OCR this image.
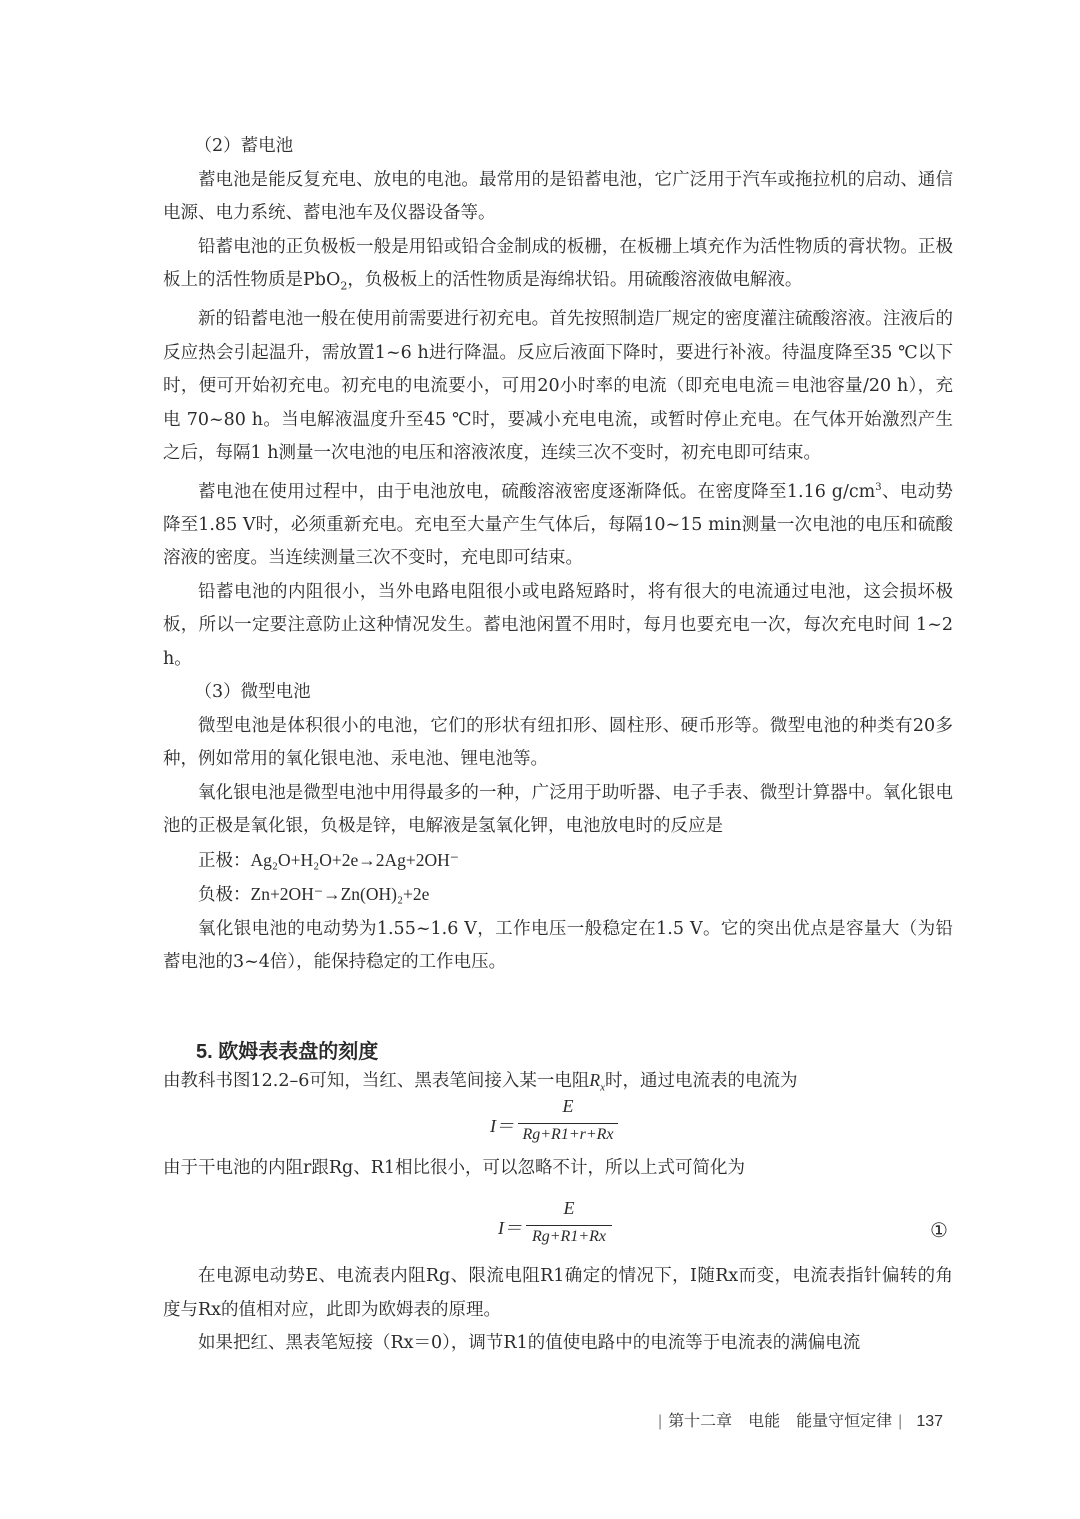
（2）蓄电池

蓄电池是能反复充电、放电的电池。最常用的是铅蓄电池，它广泛用于汽车或拖拉机的启动、通信电源、电力系统、蓄电池车及仪器设备等。

铅蓄电池的正负极板一般是用铅或铅合金制成的板栅，在板栅上填充作为活性物质的膏状物。正极板上的活性物质是PbO$_2$，负极板上的活性物质是海绵状铅。用硫酸溶液做电解液。

新的铅蓄电池一般在使用前需要进行初充电。首先按照制造厂规定的密度灌注硫酸溶液。注液后的反应热会引起温升，需放置1~6 h进行降温。反应后液面下降时，要进行补液。待温度降至35 ℃以下时，便可开始初充电。初充电的电流要小，可用20小时率的电流（即充电电流＝电池容量/20 h），充电 70~80 h。当电解液温度升至45 ℃时，要减小充电电流，或暂时停止充电。在气体开始激烈产生之后，每隔1 h测量一次电池的电压和溶液浓度，连续三次不变时，初充电即可结束。

蓄电池在使用过程中，由于电池放电，硫酸溶液密度逐渐降低。在密度降至1.16 $g/cm^3$、电动势降至1.85 V时，必须重新充电。充电至大量产生气体后，每隔10~15 min测量一次电池的电压和硫酸溶液的密度。当连续测量三次不变时，充电即可结束。

铅蓄电池的内阻很小，当外电路电阻很小或电路短路时，将有很大的电流通过电池，这会损坏极板，所以一定要注意防止这种情况发生。蓄电池闲置不用时，每月也要充电一次，每次充电时间 1~2 h。

（3）微型电池

微型电池是体积很小的电池，它们的形状有纽扣形、圆柱形、硬币形等。微型电池的种类有20多种，例如常用的氧化银电池、汞电池、锂电池等。

氧化银电池是微型电池中用得最多的一种，广泛用于助听器、电子手表、微型计算器中。氧化银电池的正极是氧化银，负极是锌，电解液是氢氧化钾，电池放电时的反应是

正极：Ag₂O+H₂O+2e→2Ag+2OH⁻

负极：Zn+2OH⁻→Zn(OH)₂+2e

氧化银电池的电动势为1.55~1.6 V，工作电压一般稳定在1.5 V。它的突出优点是容量大（为铅蓄电池的3~4倍），能保持稳定的工作电压。

5. 欧姆表表盘的刻度

由教科书图12.2–6可知，当红、黑表笔间接入某一电阻$R_x$时，通过电流表的电流为

I＝
E
Rg+R1+r+Rx

由于干电池的内阻r跟Rg、R1相比很小，可以忽略不计，所以上式可简化为

I＝
E
Rg+R1+Rx	①

在电源电动势E、电流表内阻Rg、限流电阻R1确定的情况下，I随Rx而变，电流表指针偏转的角度与Rx的值相对应，此即为欧姆表的原理。

如果把红、黑表笔短接（Rx＝0），调节R1的值使电路中的电流等于电流表的满偏电流

| 第十二章　电能　能量守恒定律 | 137
